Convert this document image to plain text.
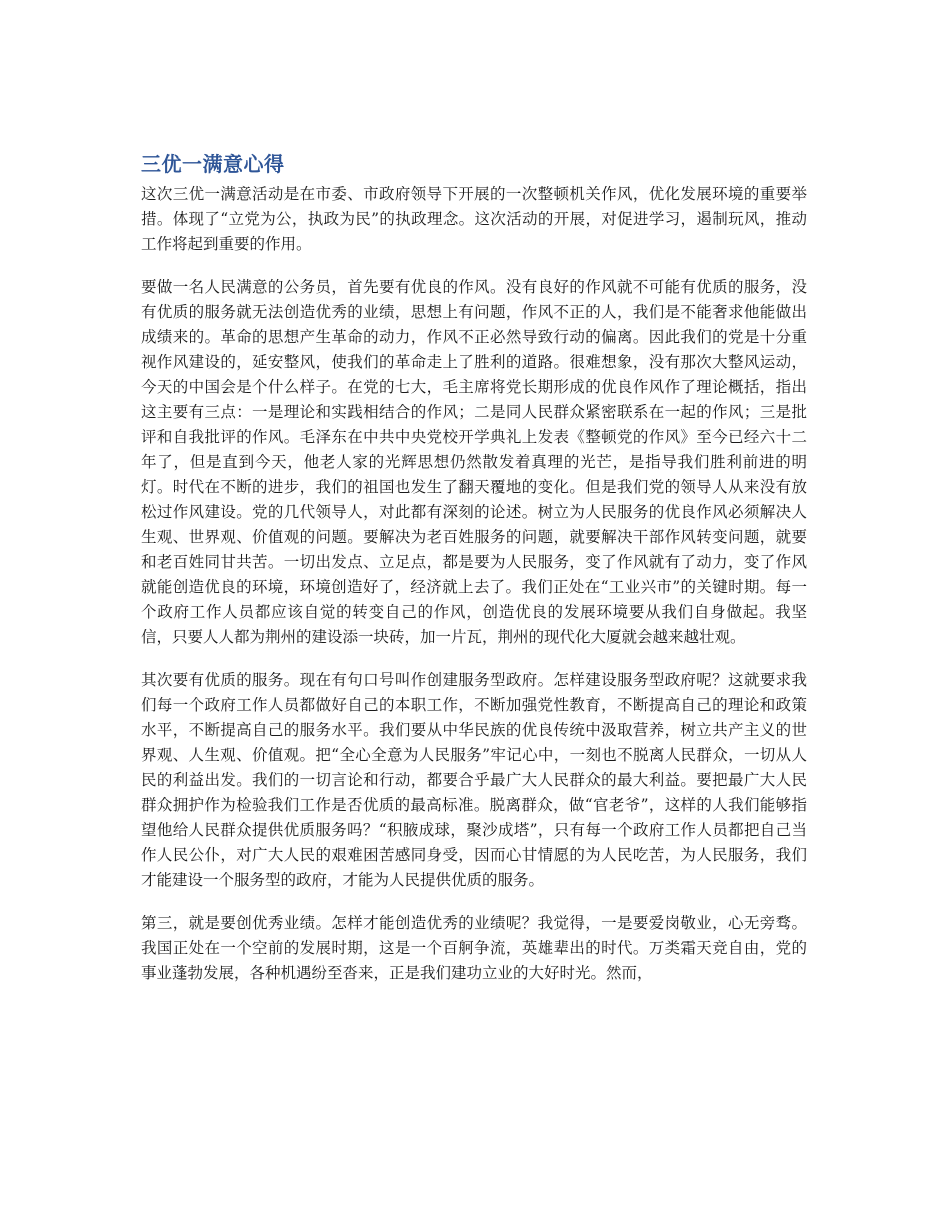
三优一满意心得

这次三优一满意活动是在市委、市政府领导下开展的一次整顿机关作风，优化发展环境的重要举措。体现了“立党为公，执政为民”的执政理念。这次活动的开展，对促进学习，遏制玩风，推动工作将起到重要的作用。

要做一名人民满意的公务员，首先要有优良的作风。没有良好的作风就不可能有优质的服务，没有优质的服务就无法创造优秀的业绩，思想上有问题，作风不正的人，我们是不能奢求他能做出成绩来的。革命的思想产生革命的动力，作风不正必然导致行动的偏离。因此我们的党是十分重视作风建设的，延安整风，使我们的革命走上了胜利的道路。很难想象，没有那次大整风运动，今天的中国会是个什么样子。在党的七大，毛主席将党长期形成的优良作风作了理论概括，指出这主要有三点：一是理论和实践相结合的作风；二是同人民群众紧密联系在一起的作风；三是批评和自我批评的作风。毛泽东在中共中央党校开学典礼上发表《整顿党的作风》至今已经六十二年了，但是直到今天，他老人家的光辉思想仍然散发着真理的光芒，是指导我们胜利前进的明灯。时代在不断的进步，我们的祖国也发生了翻天覆地的变化。但是我们党的领导人从来没有放松过作风建设。党的几代领导人，对此都有深刻的论述。树立为人民服务的优良作风必须解决人生观、世界观、价值观的问题。要解决为老百姓服务的问题，就要解决干部作风转变问题，就要和老百姓同甘共苦。一切出发点、立足点，都是要为人民服务，变了作风就有了动力，变了作风就能创造优良的环境，环境创造好了，经济就上去了。我们正处在“工业兴市”的关键时期。每一个政府工作人员都应该自觉的转变自己的作风，创造优良的发展环境要从我们自身做起。我坚信，只要人人都为荆州的建设添一块砖，加一片瓦，荆州的现代化大厦就会越来越壮观。

其次要有优质的服务。现在有句口号叫作创建服务型政府。怎样建设服务型政府呢？这就要求我们每一个政府工作人员都做好自己的本职工作，不断加强党性教育，不断提高自己的理论和政策水平，不断提高自己的服务水平。我们要从中华民族的优良传统中汲取营养，树立共产主义的世界观、人生观、价值观。把“全心全意为人民服务”牢记心中，一刻也不脱离人民群众，一切从人民的利益出发。我们的一切言论和行动，都要合乎最广大人民群众的最大利益。要把最广大人民群众拥护作为检验我们工作是否优质的最高标准。脱离群众，做“官老爷”，这样的人我们能够指望他给人民群众提供优质服务吗？“积腋成球，聚沙成塔”，只有每一个政府工作人员都把自己当作人民公仆，对广大人民的艰难困苦感同身受，因而心甘情愿的为人民吃苦，为人民服务，我们才能建设一个服务型的政府，才能为人民提供优质的服务。

第三，就是要创优秀业绩。怎样才能创造优秀的业绩呢？我觉得，一是要爱岗敬业，心无旁骛。我国正处在一个空前的发展时期，这是一个百舸争流，英雄辈出的时代。万类霜天竞自由，党的事业蓬勃发展，各种机遇纷至沓来，正是我们建功立业的大好时光。然而，
